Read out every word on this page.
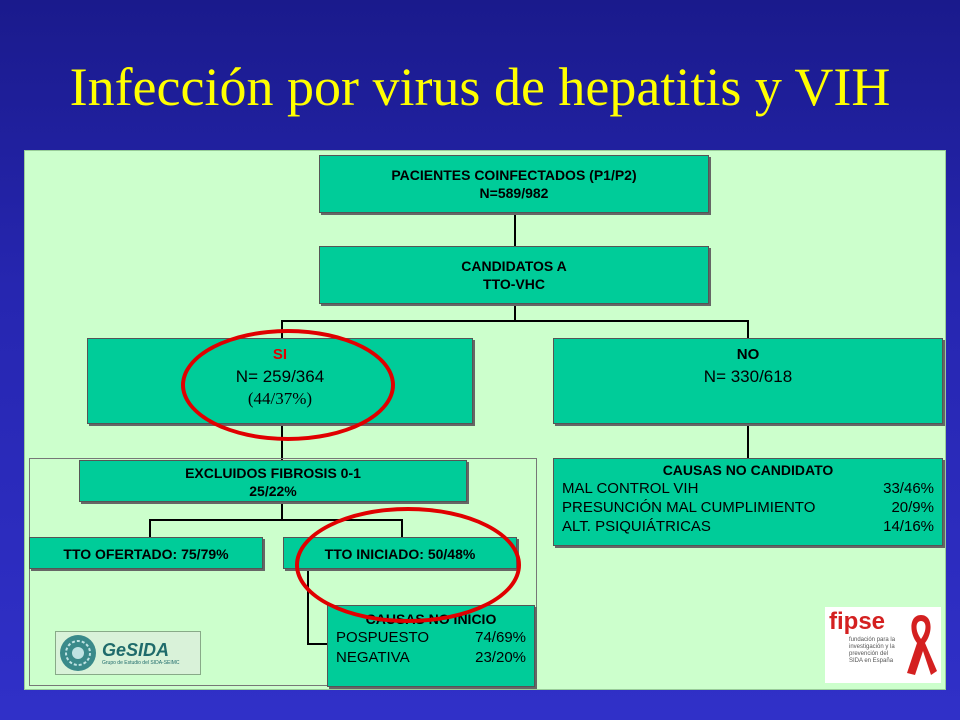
Infección por virus de hepatitis y VIH
PACIENTES COINFECTADOS (P1/P2)
N=589/982
CANDIDATOS A
TTO-VHC
SI
N= 259/364
(44/37%)
NO
N= 330/618
EXCLUIDOS FIBROSIS 0-1
25/22%
TTO OFERTADO: 75/79%	TTO INICIADO: 50/48%
CAUSAS NO CANDIDATO
MAL CONTROL VIH	33/46%
PRESUNCIÓN MAL CUMPLIMIENTO	20/9%
ALT. PSIQUIÁTRICAS	14/16%
CAUSAS NO INICIO
POSPUESTO	74/69%
NEGATIVA	23/20%
GeSIDA
Grupo de Estudio del SIDA-SEIMC
fipse
fundación para la investigación y la prevención del SIDA en España
